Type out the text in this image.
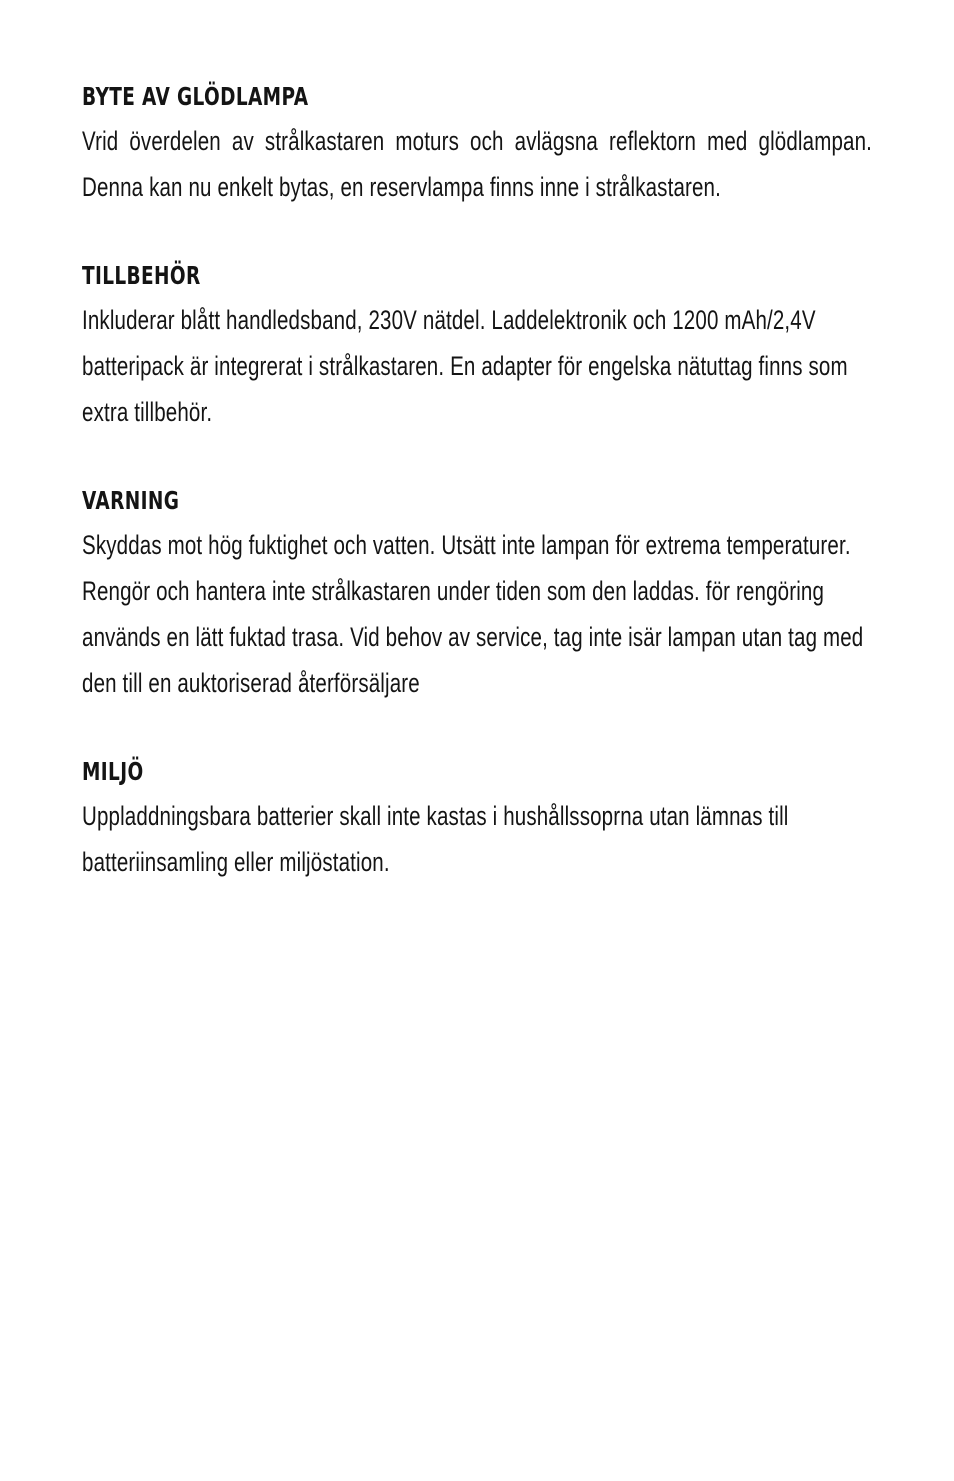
BYTE AV GLÖDLAMPA

Vrid överdelen av strålkastaren moturs och avlägsna reflektorn med glödlampan. Denna kan nu enkelt bytas, en reservlampa finns inne i strålkastaren.

TILLBEHÖR

Inkluderar blått handledsband, 230V nätdel. Laddelektronik och 1200 mAh/2,4V batteripack är integrerat i strålkastaren. En adapter för engelska nätuttag finns som extra tillbehör.

VARNING

Skyddas mot hög fuktighet och vatten. Utsätt inte lampan för extrema temperaturer. Rengör och hantera inte strålkastaren under tiden som den laddas. för rengöring används en lätt fuktad trasa. Vid behov av service, tag inte isär lampan utan tag med den till en auktoriserad återförsäljare

MILJÖ

Uppladdningsbara batterier skall inte kastas i hushållssoprna utan lämnas till batteriinsamling eller miljöstation.
